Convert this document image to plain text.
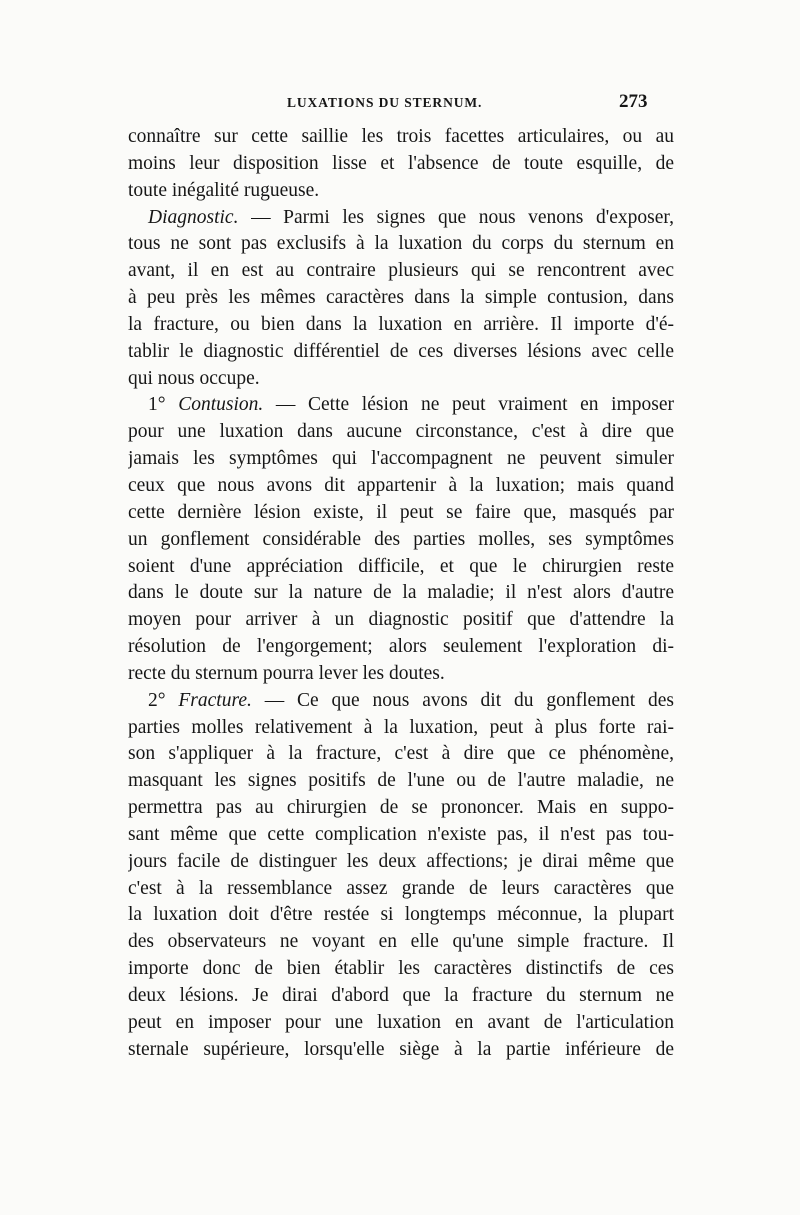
LUXATIONS DU STERNUM.	273
connaître sur cette saillie les trois facettes articulaires, ou au
moins leur disposition lisse et l'absence de toute esquille, de
toute inégalité rugueuse.
Diagnostic. — Parmi les signes que nous venons d'exposer,
tous ne sont pas exclusifs à la luxation du corps du sternum en
avant, il en est au contraire plusieurs qui se rencontrent avec
à peu près les mêmes caractères dans la simple contusion, dans
la fracture, ou bien dans la luxation en arrière. Il importe d'é-
tablir le diagnostic différentiel de ces diverses lésions avec celle
qui nous occupe.
1° Contusion. — Cette lésion ne peut vraiment en imposer
pour une luxation dans aucune circonstance, c'est à dire que
jamais les symptômes qui l'accompagnent ne peuvent simuler
ceux que nous avons dit appartenir à la luxation; mais quand
cette dernière lésion existe, il peut se faire que, masqués par
un gonflement considérable des parties molles, ses symptômes
soient d'une appréciation difficile, et que le chirurgien reste
dans le doute sur la nature de la maladie; il n'est alors d'autre
moyen pour arriver à un diagnostic positif que d'attendre la
résolution de l'engorgement; alors seulement l'exploration di-
recte du sternum pourra lever les doutes.
2° Fracture. — Ce que nous avons dit du gonflement des
parties molles relativement à la luxation, peut à plus forte rai-
son s'appliquer à la fracture, c'est à dire que ce phénomène,
masquant les signes positifs de l'une ou de l'autre maladie, ne
permettra pas au chirurgien de se prononcer. Mais en suppo-
sant même que cette complication n'existe pas, il n'est pas tou-
jours facile de distinguer les deux affections; je dirai même que
c'est à la ressemblance assez grande de leurs caractères que
la luxation doit d'être restée si longtemps méconnue, la plupart
des observateurs ne voyant en elle qu'une simple fracture. Il
importe donc de bien établir les caractères distinctifs de ces
deux lésions. Je dirai d'abord que la fracture du sternum ne
peut en imposer pour une luxation en avant de l'articulation
sternale supérieure, lorsqu'elle siège à la partie inférieure de
